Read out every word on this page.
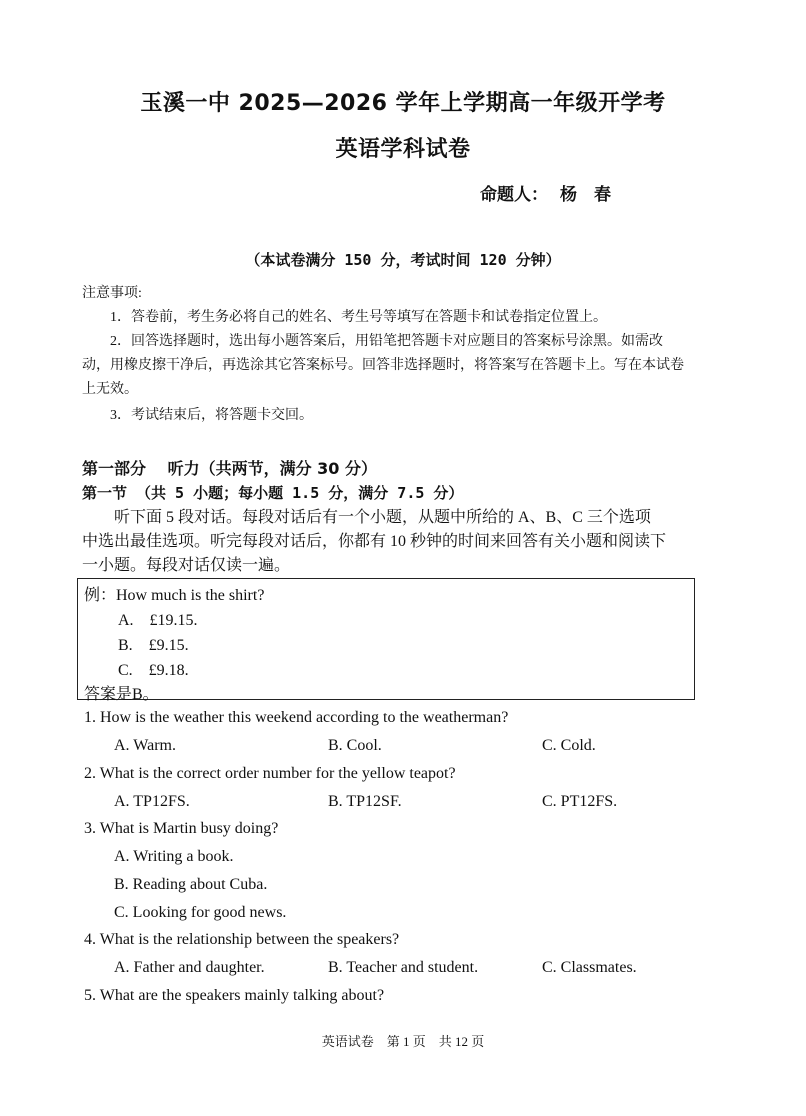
玉溪一中 2025—2026 学年上学期高一年级开学考
英语学科试卷
命题人： 杨　春
（本试卷满分 150 分，考试时间 120 分钟）
注意事项:
1．答卷前，考生务必将自己的姓名、考生号等填写在答题卡和试卷指定位置上。
2．回答选择题时，选出每小题答案后，用铅笔把答题卡对应题目的答案标号涂黑。如需改
动，用橡皮擦干净后，再选涂其它答案标号。回答非选择题时，将答案写在答题卡上。写在本试卷
上无效。
3．考试结束后，将答题卡交回。
第一部分　 听力（共两节，满分 30 分）
第一节 （共 5 小题；每小题 1.5 分，满分 7.5 分）
听下面 5 段对话。每段对话后有一个小题，从题中所给的 A、B、C 三个选项
中选出最佳选项。听完每段对话后，你都有 10 秒钟的时间来回答有关小题和阅读下
一小题。每段对话仅读一遍。
例：How much is the shirt?
A.　£19.15.
B.　£9.15.
C.　£9.18.
答案是B。
1. How is the weather this weekend according to the weatherman?
A. Warm.	B. Cool.	C. Cold.
2. What is the correct order number for the yellow teapot?
A. TP12FS.	B. TP12SF.	C. PT12FS.
3. What is Martin busy doing?
A. Writing a book.
B. Reading about Cuba.
C. Looking for good news.
4. What is the relationship between the speakers?
A. Father and daughter.	B. Teacher and student.	C. Classmates.
5. What are the speakers mainly talking about?
英语试卷　第 1 页　共 12 页
